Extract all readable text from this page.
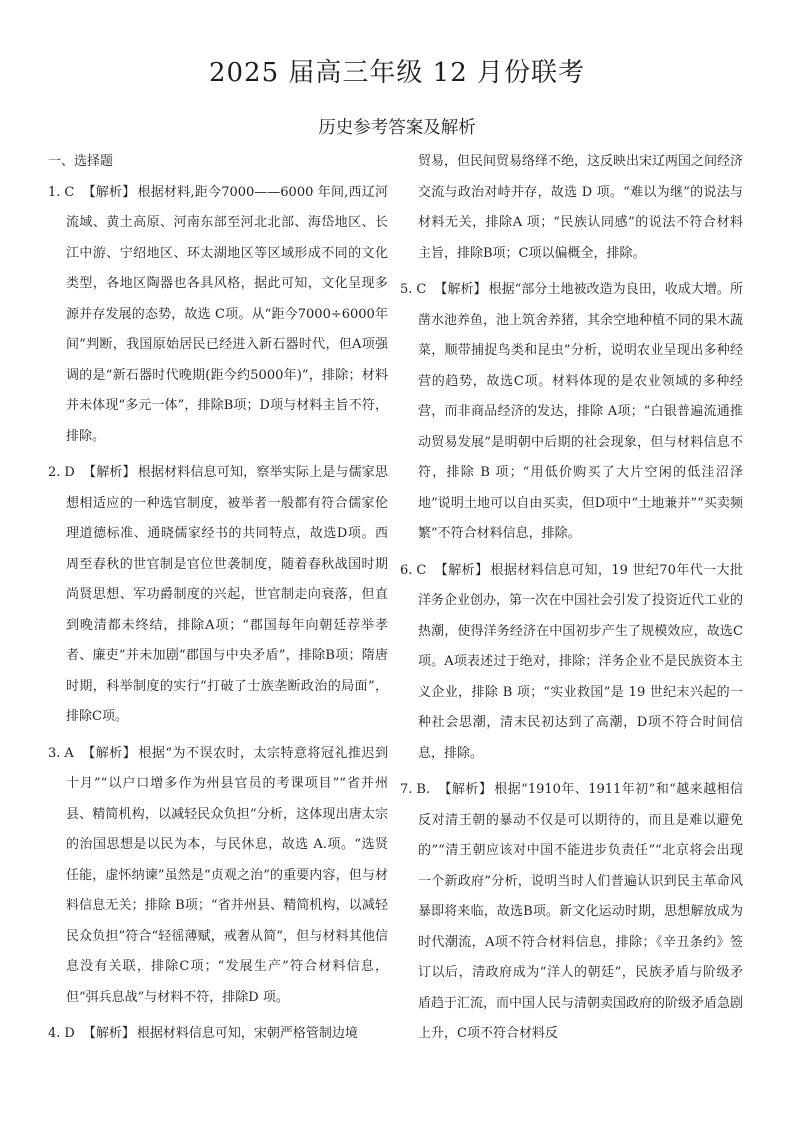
2025 届高三年级 12 月份联考
历史参考答案及解析

一、选择题

1. C 【解析】 根据材料,距今7000——6000 年间,西辽河流域、黄土高原、河南东部至河北北部、海岱地区、长江中游、宁绍地区、环太湖地区等区域形成不同的文化类型，各地区陶器也各具风格，据此可知，文化呈现多源并存发展的态势，故选 C项。从“距今7000÷6000年间”判断，我国原始居民已经进入新石器时代，但A项强调的是“新石器时代晚期(距今约5000年)”，排除；材料并未体现“多元一体”，排除B项；D项与材料主旨不符，排除。

2. D 【解析】 根据材料信息可知，察举实际上是与儒家思想相适应的一种选官制度，被举者一般都有符合儒家伦理道德标准、通晓儒家经书的共同特点，故选D项。西周至春秋的世官制是官位世袭制度，随着春秋战国时期尚贤思想、军功爵制度的兴起，世官制走向衰落，但直到晚清都未终结，排除A项；“郡国每年向朝廷荐举孝者、廉吏”并未加剧“郡国与中央矛盾”，排除B项；隋唐时期，科举制度的实行“打破了士族垄断政治的局面”，排除C项。

3. A 【解析】 根据“为不误农时，太宗特意将冠礼推迟到十月”“以户口增多作为州县官员的考课项目”“省并州县、精简机构，以减轻民众负担”分析，这体现出唐太宗的治国思想是以民为本，与民休息，故选 A.项。“选贤任能，虚怀纳谏”虽然是“贞观之治”的重要内容，但与材料信息无关；排除 B项；“省并州县、精简机构，以减轻民众负担”符合“轻徭薄赋，戒奢从简”，但与材料其他信息没有关联，排除C项；“发展生产”符合材料信息，但“弭兵息战”与材料不符，排除D 项。

4. D 【解析】 根据材料信息可知，宋朝严格管制边境

贸易，但民间贸易络绎不绝，这反映出宋辽两国之间经济交流与政治对峙并存，故选 D 项。“难以为继”的说法与材料无关，排除A 项；“民族认同感”的说法不符合材料主旨，排除B项；C项以偏概全，排除。

5. C 【解析】 根据“部分土地被改造为良田，收成大增。所凿水池养鱼，池上筑舍养猪，其余空地种植不同的果木蔬菜，顺带捕捉鸟类和昆虫”分析，说明农业呈现出多种经营的趋势，故选C项。材料体现的是农业领域的多种经营，而非商品经济的发达，排除 A项；“白银普遍流通推动贸易发展”是明朝中后期的社会现象，但与材料信息不符，排除 B 项；“用低价购买了大片空闲的低洼沼泽地”说明土地可以自由买卖，但D项中“土地兼并”“买卖频繁”不符合材料信息，排除。

6. C 【解析】 根据材料信息可知，19 世纪70年代一大批洋务企业创办，第一次在中国社会引发了投资近代工业的热潮，使得洋务经济在中国初步产生了规模效应，故选C项。A项表述过于绝对，排除；洋务企业不是民族资本主义企业，排除 B 项；“实业救国”是 19 世纪末兴起的一种社会思潮，清末民初达到了高潮，D项不符合时间信息，排除。

7. B. 【解析】 根据“1910年、1911年初”和“越来越相信反对清王朝的暴动不仅是可以期待的，而且是难以避免的”“清王朝应该对中国不能进步负责任”“北京将会出现一个新政府”分析，说明当时人们普遍认识到民主革命风暴即将来临，故选B项。新文化运动时期，思想解放成为时代潮流，A项不符合材料信息，排除；《辛丑条约》签订以后，清政府成为“洋人的朝廷”，民族矛盾与阶级矛盾趋于汇流，而中国人民与清朝卖国政府的阶级矛盾急剧上升，C项不符合材料反
